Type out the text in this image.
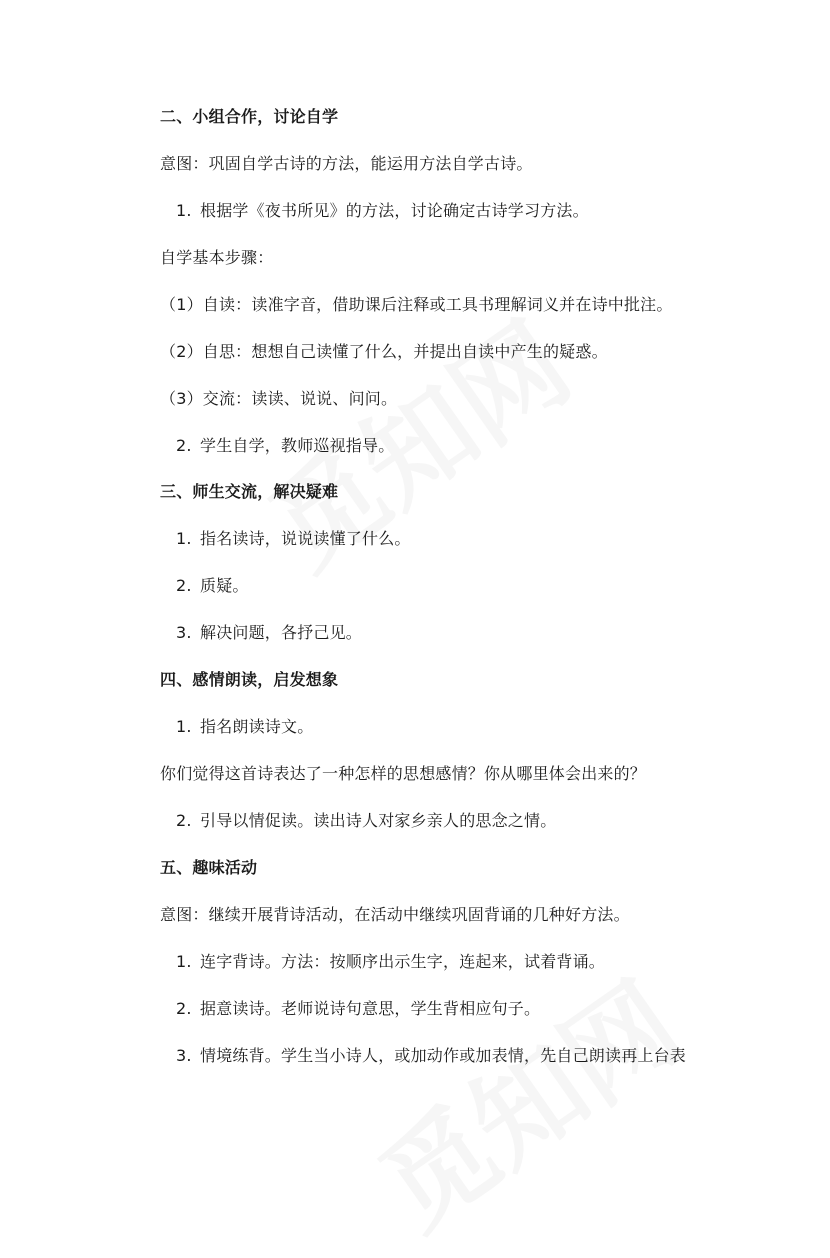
二、小组合作，讨论自学
意图：巩固自学古诗的方法，能运用方法自学古诗。
1. 根据学《夜书所见》的方法，讨论确定古诗学习方法。
自学基本步骤：
（1）自读：读准字音，借助课后注释或工具书理解词义并在诗中批注。
（2）自思：想想自己读懂了什么，并提出自读中产生的疑惑。
（3）交流：读读、说说、问问。
2. 学生自学，教师巡视指导。
三、师生交流，解决疑难
1. 指名读诗，说说读懂了什么。
2. 质疑。
3. 解决问题，各抒己见。
四、感情朗读，启发想象
1. 指名朗读诗文。
你们觉得这首诗表达了一种怎样的思想感情？你从哪里体会出来的？
2. 引导以情促读。读出诗人对家乡亲人的思念之情。
五、趣味活动
意图：继续开展背诗活动，在活动中继续巩固背诵的几种好方法。
1. 连字背诗。方法：按顺序出示生字，连起来，试着背诵。
2. 据意读诗。老师说诗句意思，学生背相应句子。
3. 情境练背。学生当小诗人，或加动作或加表情，先自己朗读再上台表
